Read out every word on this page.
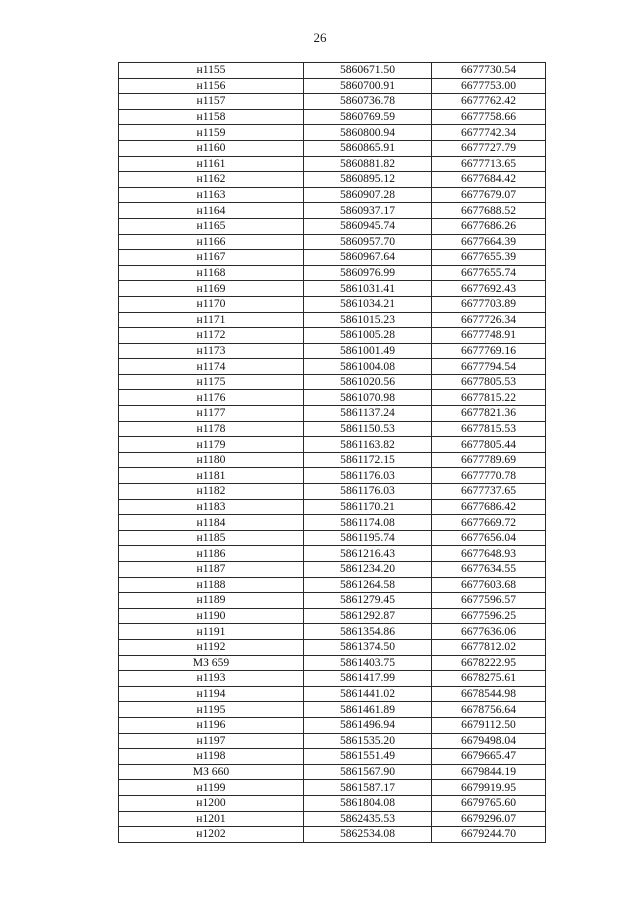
26
н1155	5860671.50	6677730.54
н1156	5860700.91	6677753.00
н1157	5860736.78	6677762.42
н1158	5860769.59	6677758.66
н1159	5860800.94	6677742.34
н1160	5860865.91	6677727.79
н1161	5860881.82	6677713.65
н1162	5860895.12	6677684.42
н1163	5860907.28	6677679.07
н1164	5860937.17	6677688.52
н1165	5860945.74	6677686.26
н1166	5860957.70	6677664.39
н1167	5860967.64	6677655.39
н1168	5860976.99	6677655.74
н1169	5861031.41	6677692.43
н1170	5861034.21	6677703.89
н1171	5861015.23	6677726.34
н1172	5861005.28	6677748.91
н1173	5861001.49	6677769.16
н1174	5861004.08	6677794.54
н1175	5861020.56	6677805.53
н1176	5861070.98	6677815.22
н1177	5861137.24	6677821.36
н1178	5861150.53	6677815.53
н1179	5861163.82	6677805.44
н1180	5861172.15	6677789.69
н1181	5861176.03	6677770.78
н1182	5861176.03	6677737.65
н1183	5861170.21	6677686.42
н1184	5861174.08	6677669.72
н1185	5861195.74	6677656.04
н1186	5861216.43	6677648.93
н1187	5861234.20	6677634.55
н1188	5861264.58	6677603.68
н1189	5861279.45	6677596.57
н1190	5861292.87	6677596.25
н1191	5861354.86	6677636.06
н1192	5861374.50	6677812.02
МЗ 659	5861403.75	6678222.95
н1193	5861417.99	6678275.61
н1194	5861441.02	6678544.98
н1195	5861461.89	6678756.64
н1196	5861496.94	6679112.50
н1197	5861535.20	6679498.04
н1198	5861551.49	6679665.47
МЗ 660	5861567.90	6679844.19
н1199	5861587.17	6679919.95
н1200	5861804.08	6679765.60
н1201	5862435.53	6679296.07
н1202	5862534.08	6679244.70
